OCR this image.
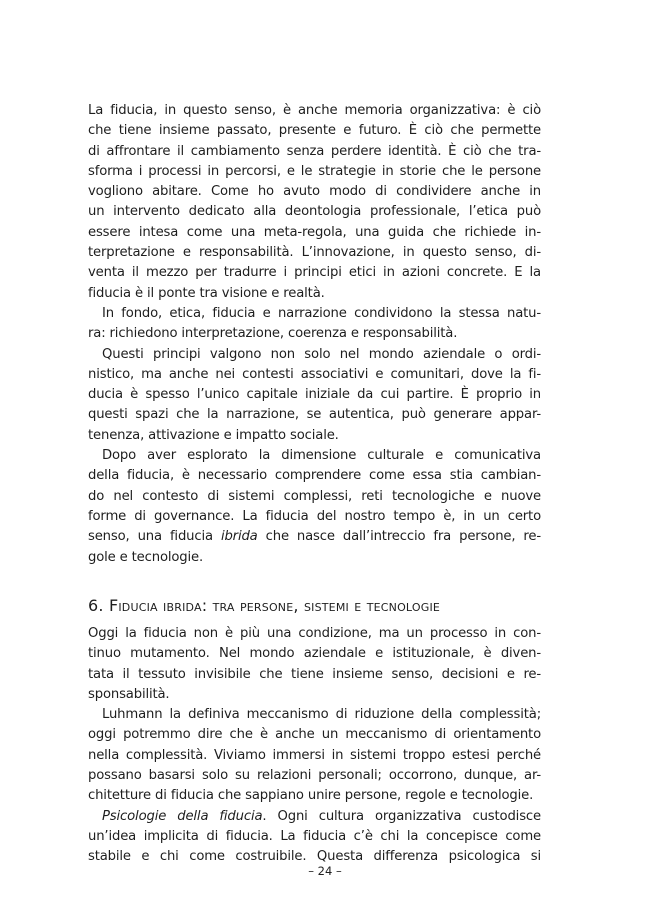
La fiducia, in questo senso, è anche memoria organizzativa: è ciò
che tiene insieme passato, presente e futuro. È ciò che permette
di affrontare il cambiamento senza perdere identità. È ciò che tra-
sforma i processi in percorsi, e le strategie in storie che le persone
vogliono abitare. Come ho avuto modo di condividere anche in
un intervento dedicato alla deontologia professionale, l’etica può
essere intesa come una meta-regola, una guida che richiede in-
terpretazione e responsabilità. L’innovazione, in questo senso, di-
venta il mezzo per tradurre i principi etici in azioni concrete. E la
fiducia è il ponte tra visione e realtà.
In fondo, etica, fiducia e narrazione condividono la stessa natu-
ra: richiedono interpretazione, coerenza e responsabilità.
Questi principi valgono non solo nel mondo aziendale o ordi-
nistico, ma anche nei contesti associativi e comunitari, dove la fi-
ducia è spesso l’unico capitale iniziale da cui partire. È proprio in
questi spazi che la narrazione, se autentica, può generare appar-
tenenza, attivazione e impatto sociale.
Dopo aver esplorato la dimensione culturale e comunicativa
della fiducia, è necessario comprendere come essa stia cambian-
do nel contesto di sistemi complessi, reti tecnologiche e nuove
forme di governance. La fiducia del nostro tempo è, in un certo
senso, una fiducia ibrida che nasce dall’intreccio fra persone, re-
gole e tecnologie.
6. Fiducia ibrida: tra persone, sistemi e tecnologie
Oggi la fiducia non è più una condizione, ma un processo in con-
tinuo mutamento. Nel mondo aziendale e istituzionale, è diven-
tata il tessuto invisibile che tiene insieme senso, decisioni e re-
sponsabilità.
Luhmann la definiva meccanismo di riduzione della complessità;
oggi potremmo dire che è anche un meccanismo di orientamento
nella complessità. Viviamo immersi in sistemi troppo estesi perché
possano basarsi solo su relazioni personali; occorrono, dunque, ar-
chitetture di fiducia che sappiano unire persone, regole e tecnologie.
Psicologie della fiducia. Ogni cultura organizzativa custodisce
un’idea implicita di fiducia. La fiducia c’è chi la concepisce come
stabile e chi come costruibile. Questa differenza psicologica si
– 24 –
